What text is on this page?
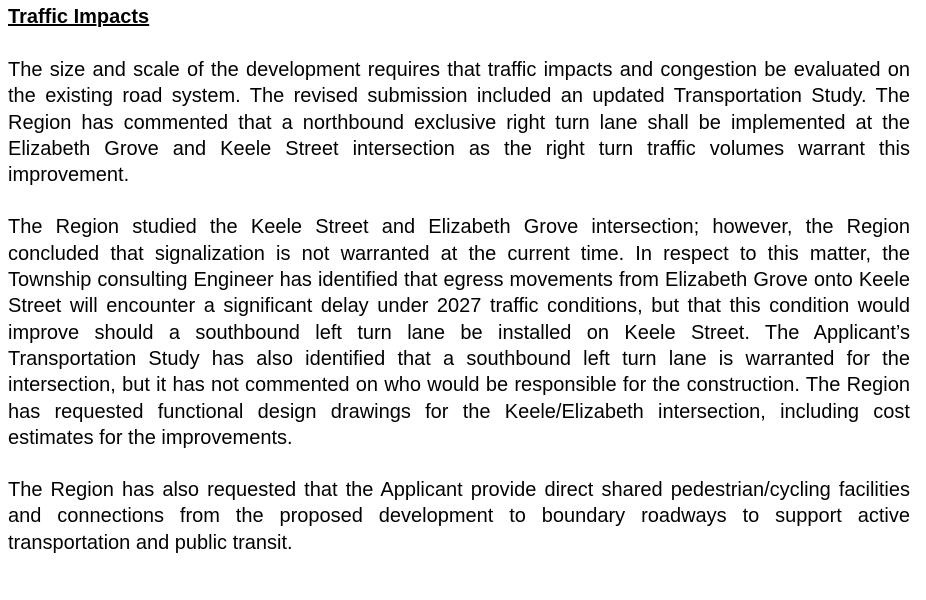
Traffic Impacts

The size and scale of the development requires that traffic impacts and congestion be evaluated on the existing road system. The revised submission included an updated Transportation Study. The Region has commented that a northbound exclusive right turn lane shall be implemented at the Elizabeth Grove and Keele Street intersection as the right turn traffic volumes warrant this improvement.

The Region studied the Keele Street and Elizabeth Grove intersection; however, the Region concluded that signalization is not warranted at the current time. In respect to this matter, the Township consulting Engineer has identified that egress movements from Elizabeth Grove onto Keele Street will encounter a significant delay under 2027 traffic conditions, but that this condition would improve should a southbound left turn lane be installed on Keele Street. The Applicant’s Transportation Study has also identified that a southbound left turn lane is warranted for the intersection, but it has not commented on who would be responsible for the construction. The Region has requested functional design drawings for the Keele/Elizabeth intersection, including cost estimates for the improvements.

The Region has also requested that the Applicant provide direct shared pedestrian/cycling facilities and connections from the proposed development to boundary roadways to support active transportation and public transit.
